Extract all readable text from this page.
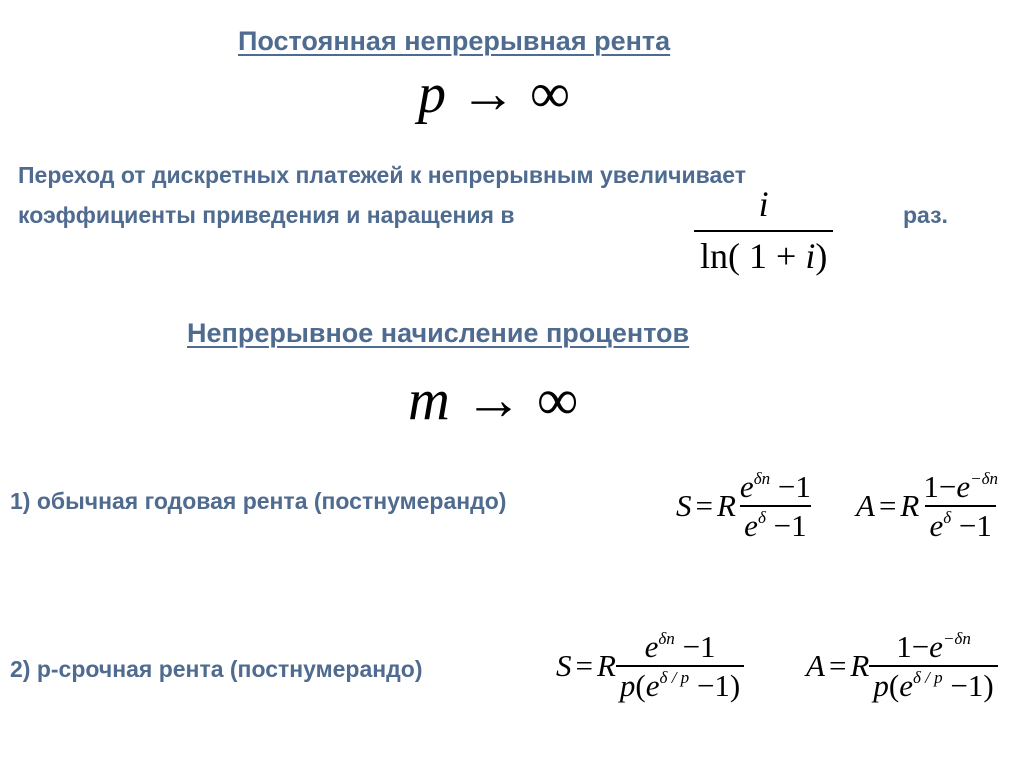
Постоянная непрерывная рента
p → ∞
Переход от дискретных платежей к непрерывным увеличивает
коэффициенты приведения и наращения в	раз.
$\frac{i}{\ln( 1 + i)}$
Непрерывное начисление процентов
m → ∞
1) обычная годовая рента (постнумерандо)	S = R $\frac{e^{\delta n} -1}{e^\delta -1}$ A = R $\frac{1-e^{-\delta n}}{e^\delta -1}$
2) p-срочная рента (постнумерандо)	S = R $\frac{e^{\delta n} -1}{p(e^{\delta / p} -1)}$ A = R $\frac{1-e^{-\delta n}}{p(e^{\delta / p} -1)}$
